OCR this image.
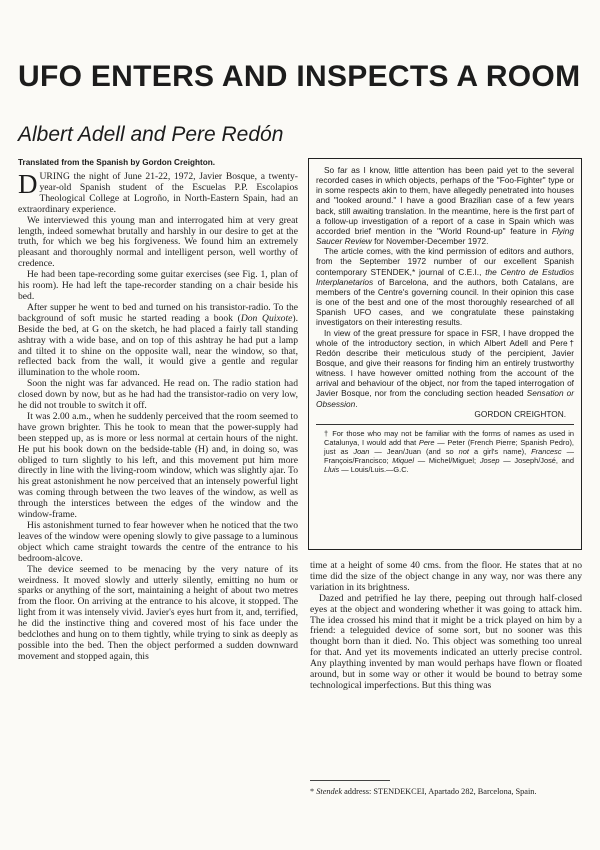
UFO ENTERS AND INSPECTS A ROOM
Albert Adell and Pere Redón
Translated from the Spanish by Gordon Creighton.

DURING the night of June 21-22, 1972, Javier Bosque, a twenty-year-old Spanish student of the Escuelas P.P. Escolapios Theological College at Logroño, in North-Eastern Spain, had an extraordinary experience.

We interviewed this young man and interrogated him at very great length, indeed somewhat brutally and harshly in our desire to get at the truth, for which we beg his forgiveness. We found him an extremely pleasant and thoroughly normal and intelligent person, well worthy of credence.

He had been tape-recording some guitar exercises (see Fig. 1, plan of his room). He had left the tape-recorder standing on a chair beside his bed.

After supper he went to bed and turned on his transistor-radio. To the background of soft music he started reading a book (Don Quixote). Beside the bed, at G on the sketch, he had placed a fairly tall standing ashtray with a wide base, and on top of this ashtray he had put a lamp and tilted it to shine on the opposite wall, near the window, so that, reflected back from the wall, it would give a gentle and regular illumination to the whole room.

Soon the night was far advanced. He read on. The radio station had closed down by now, but as he had had the transistor-radio on very low, he did not trouble to switch it off.

It was 2.00 a.m., when he suddenly perceived that the room seemed to have grown brighter. This he took to mean that the power-supply had been stepped up, as is more or less normal at certain hours of the night. He put his book down on the bedside-table (H) and, in doing so, was obliged to turn slightly to his left, and this movement put him more directly in line with the living-room window, which was slightly ajar. To his great astonishment he now perceived that an intensely powerful light was coming through between the two leaves of the window, as well as through the interstices between the edges of the window and the window-frame.

His astonishment turned to fear however when he noticed that the two leaves of the window were opening slowly to give passage to a luminous object which came straight towards the centre of the entrance to his bedroom-alcove.

The device seemed to be menacing by the very nature of its weirdness. It moved slowly and utterly silently, emitting no hum or sparks or anything of the sort, maintaining a height of about two metres from the floor. On arriving at the entrance to his alcove, it stopped. The light from it was intensely vivid. Javier's eyes hurt from it, and, terrified, he did the instinctive thing and covered most of his face under the bedclothes and hung on to them tightly, while trying to sink as deeply as possible into the bed. Then the object performed a sudden downward movement and stopped again, this

So far as I know, little attention has been paid yet to the several recorded cases in which objects, perhaps of the "Foo-Fighter" type or in some respects akin to them, have allegedly penetrated into houses and "looked around." I have a good Brazilian case of a few years back, still awaiting translation. In the meantime, here is the first part of a follow-up investigation of a report of a case in Spain which was accorded brief mention in the "World Round-up" feature in Flying Saucer Review for November-December 1972.

The article comes, with the kind permission of editors and authors, from the September 1972 number of our excellent Spanish contemporary STENDEK,* journal of C.E.I., the Centro de Estudios Interplanetarios of Barcelona, and the authors, both Catalans, are members of the Centre's governing council. In their opinion this case is one of the best and one of the most thoroughly researched of all Spanish UFO cases, and we congratulate these painstaking investigators on their interesting results.

In view of the great pressure for space in FSR, I have dropped the whole of the introductory section, in which Albert Adell and Pere† Redón describe their meticulous study of the percipient, Javier Bosque, and give their reasons for finding him an entirely trustworthy witness. I have however omitted nothing from the account of the arrival and behaviour of the object, nor from the taped interrogation of Javier Bosque, nor from the concluding section headed Sensation or Obsession.

GORDON CREIGHTON.

† For those who may not be familiar with the forms of names as used in Catalunya, I would add that Pere — Peter (French Pierre; Spanish Pedro), just as Joan — Jean/Juan (and so not a girl's name), Francesc — François/Francisco; Miquel — Michel/Miguel; Josep — Joseph/José, and Lluis — Louis/Luis.—G.C.

time at a height of some 40 cms. from the floor. He states that at no time did the size of the object change in any way, nor was there any variation in its brightness.

Dazed and petrified he lay there, peeping out through half-closed eyes at the object and wondering whether it was going to attack him. The idea crossed his mind that it might be a trick played on him by a friend: a teleguided device of some sort, but no sooner was this thought born than it died. No. This object was something too unreal for that. And yet its movements indicated an utterly precise control. Any plaything invented by man would perhaps have flown or floated around, but in some way or other it would be bound to betray some technological imperfections. But this thing was

* Stendek address: STENDEKCEI, Apartado 282, Barcelona, Spain.
